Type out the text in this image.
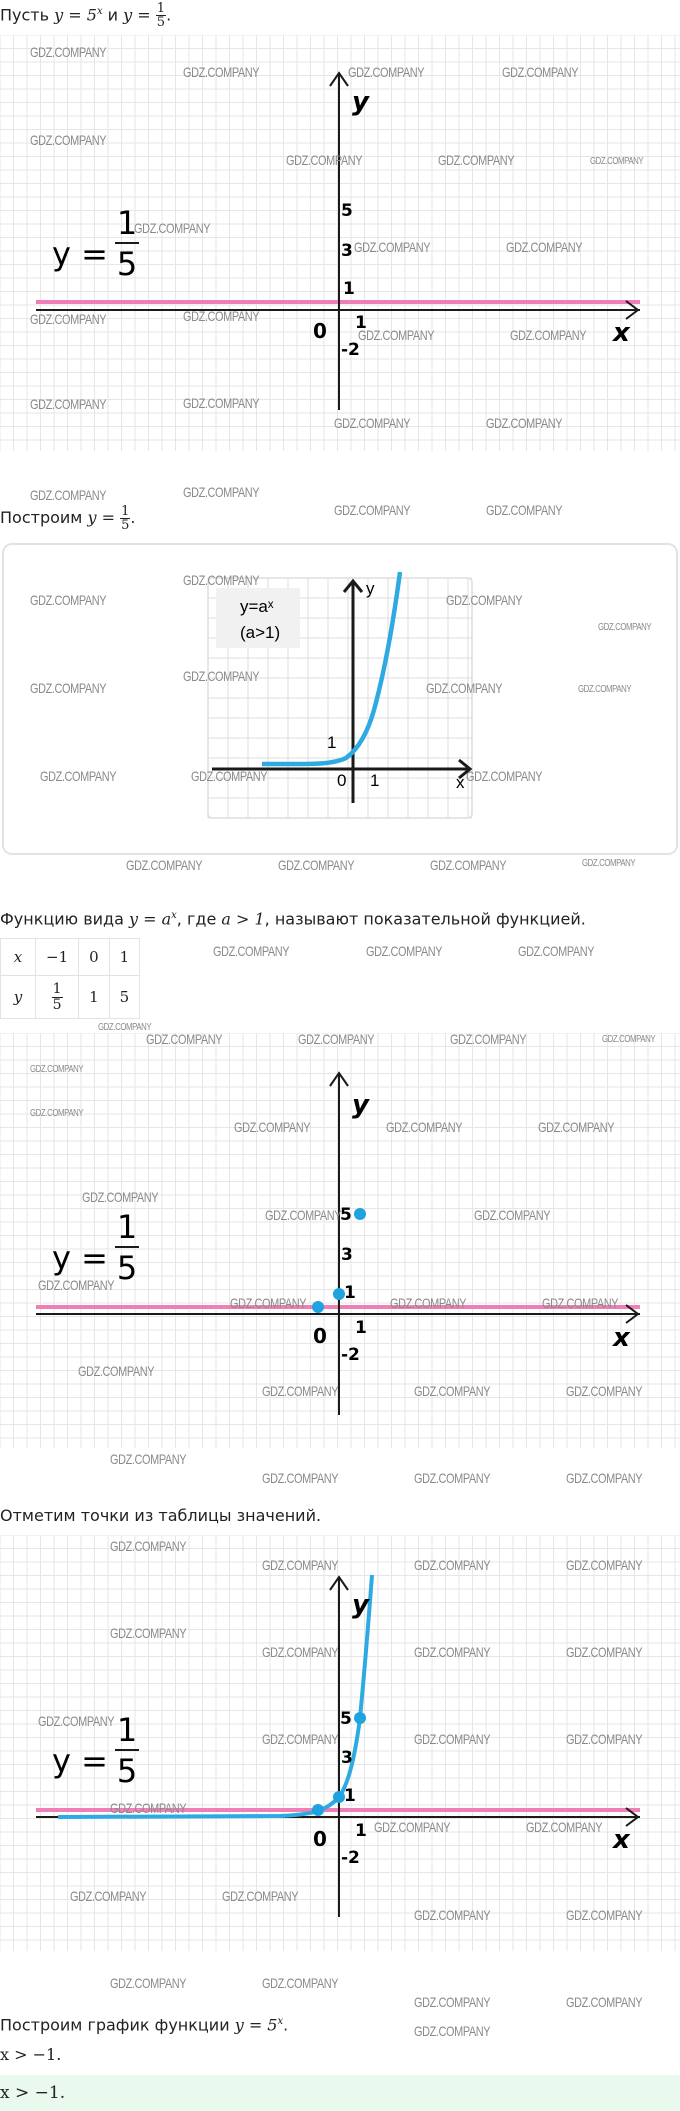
Пусть $y = 5^x$ и $y = \frac{1}{5}$ .
x
y
0 1
5
3
1
-2
y =
1
5
Построим $y = \frac{1}{5}$ .
y=aˣ
(a>1)
y
x
0 1
1
Функцию вида $y = a^x$, где a > 1, называют показательной функцией.
x	−1	0	1
y	$\frac{1}{5}$	1	5
x
y
0 1
5
3
1
-2
y =
1
5
Отметим точки из таблицы значений.
x
y
0 1
5
3
1
-2
y =
1
5
Построим график функции $y = 5^x$.
x > −1.
x > −1.
GDZ.COMPANY
GDZ.COMPANY	GDZ.COMPANY	GDZ.COMPANY
GDZ.COMPANY
GDZ.COMPANY	GDZ.COMPANY	GDZ.COMPANY
GDZ.COMPANY
GDZ.COMPANY	GDZ.COMPANY
GDZ.COMPANY	GDZ.COMPANY
GDZ.COMPANY	GDZ.COMPANY
GDZ.COMPANY	GDZ.COMPANY
GDZ.COMPANY	GDZ.COMPANY
GDZ.COMPANY	GDZ.COMPANY
GDZ.COMPANY	GDZ.COMPANY
GDZ.COMPANY
GDZ.COMPANY	GDZ.COMPANY
GDZ.COMPANY
GDZ.COMPANY
GDZ.COMPANY
GDZ.COMPANY	GDZ.COMPANY
GDZ.COMPANY	GDZ.COMPANY	GDZ.COMPANY
GDZ.COMPANY	GDZ.COMPANY	GDZ.COMPANY	GDZ.COMPANY
GDZ.COMPANY	GDZ.COMPANY	GDZ.COMPANY
GDZ.COMPANY
GDZ.COMPANY	GDZ.COMPANY	GDZ.COMPANY	GDZ.COMPANY
GDZ.COMPANY
GDZ.COMPANY
GDZ.COMPANY	GDZ.COMPANY	GDZ.COMPANY
GDZ.COMPANY
GDZ.COMPANY	GDZ.COMPANY
GDZ.COMPANY
GDZ.COMPANY	GDZ.COMPANY	GDZ.COMPANY
GDZ.COMPANY
GDZ.COMPANY	GDZ.COMPANY	GDZ.COMPANY
GDZ.COMPANY
GDZ.COMPANY	GDZ.COMPANY	GDZ.COMPANY
GDZ.COMPANY
GDZ.COMPANY	GDZ.COMPANY	GDZ.COMPANY
GDZ.COMPANY
GDZ.COMPANY	GDZ.COMPANY	GDZ.COMPANY
GDZ.COMPANY
GDZ.COMPANY	GDZ.COMPANY	GDZ.COMPANY
GDZ.COMPANY
GDZ.COMPANY	GDZ.COMPANY
GDZ.COMPANY	GDZ.COMPANY
GDZ.COMPANY	GDZ.COMPANY
GDZ.COMPANY	GDZ.COMPANY
GDZ.COMPANY	GDZ.COMPANY
GDZ.COMPANY
